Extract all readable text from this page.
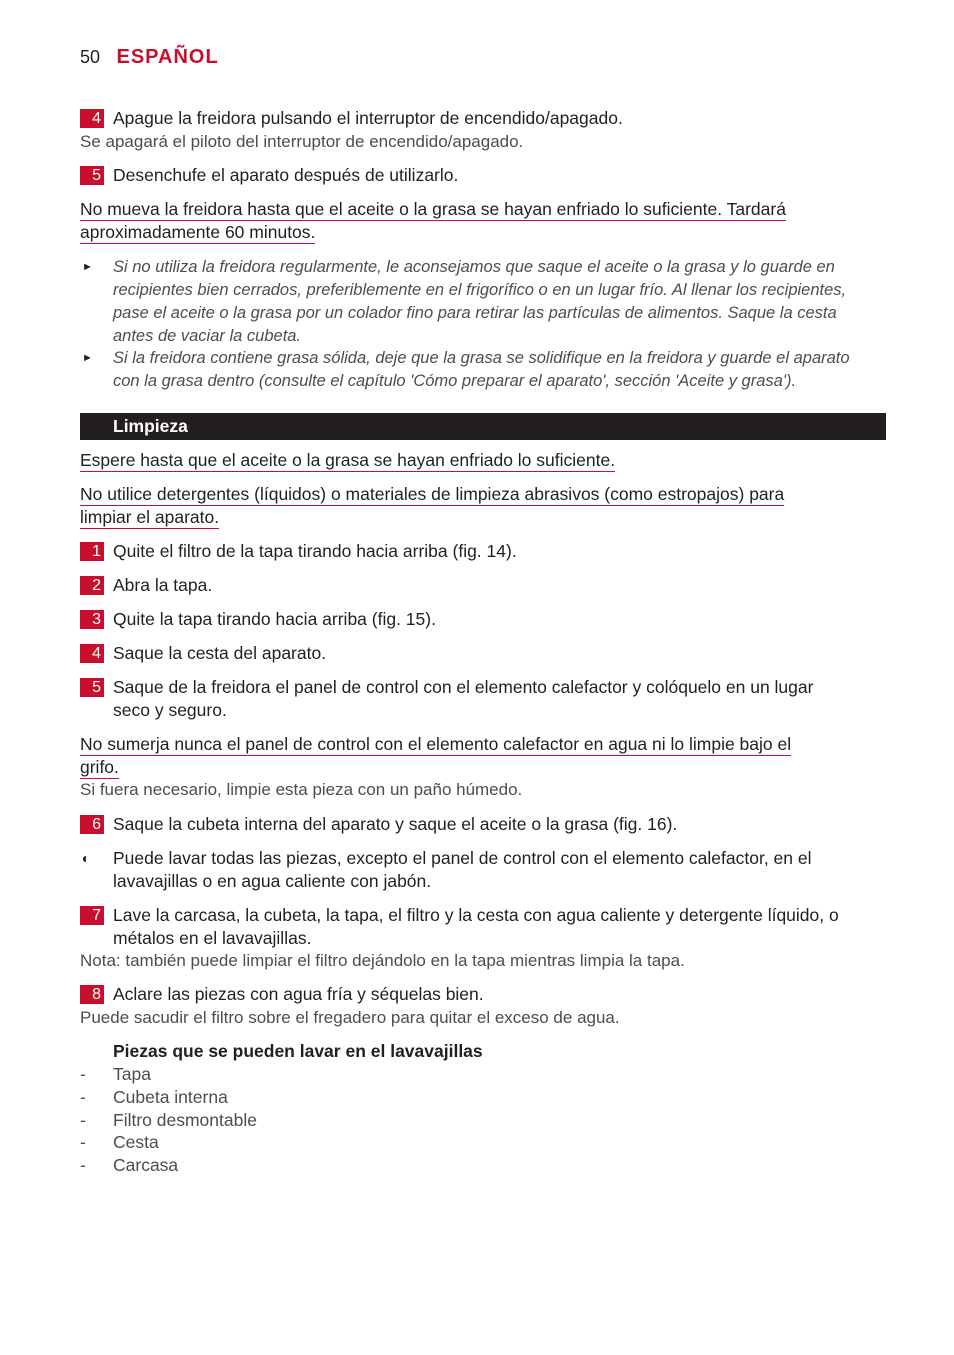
50 ESPAÑOL
4 Apague la freidora pulsando el interruptor de encendido/apagado.
Se apagará el piloto del interruptor de encendido/apagado.
5 Desenchufe el aparato después de utilizarlo.
No mueva la freidora hasta que el aceite o la grasa se hayan enfriado lo suficiente. Tardará
aproximadamente 60 minutos.
► Si no utiliza la freidora regularmente, le aconsejamos que saque el aceite o la grasa y lo guarde en
recipientes bien cerrados, preferiblemente en el frigorífico o en un lugar frío. Al llenar los recipientes,
pase el aceite o la grasa por un colador fino para retirar las partículas de alimentos. Saque la cesta
antes de vaciar la cubeta.
► Si la freidora contiene grasa sólida, deje que la grasa se solidifique en la freidora y guarde el aparato
con la grasa dentro (consulte el capítulo 'Cómo preparar el aparato', sección 'Aceite y grasa').
Limpieza
Espere hasta que el aceite o la grasa se hayan enfriado lo suficiente.
No utilice detergentes (líquidos) o materiales de limpieza abrasivos (como estropajos) para
limpiar el aparato.
1 Quite el filtro de la tapa tirando hacia arriba (fig. 14).
2 Abra la tapa.
3 Quite la tapa tirando hacia arriba (fig. 15).
4 Saque la cesta del aparato.
5 Saque de la freidora el panel de control con el elemento calefactor y colóquelo en un lugar
seco y seguro.
No sumerja nunca el panel de control con el elemento calefactor en agua ni lo limpie bajo el
grifo.
Si fuera necesario, limpie esta pieza con un paño húmedo.
6 Saque la cubeta interna del aparato y saque el aceite o la grasa (fig. 16).
◖ Puede lavar todas las piezas, excepto el panel de control con el elemento calefactor, en el
lavavajillas o en agua caliente con jabón.
7 Lave la carcasa, la cubeta, la tapa, el filtro y la cesta con agua caliente y detergente líquido, o
métalos en el lavavajillas.
Nota: también puede limpiar el filtro dejándolo en la tapa mientras limpia la tapa.
8 Aclare las piezas con agua fría y séquelas bien.
Puede sacudir el filtro sobre el fregadero para quitar el exceso de agua.
Piezas que se pueden lavar en el lavavajillas
- Tapa
- Cubeta interna
- Filtro desmontable
- Cesta
- Carcasa
